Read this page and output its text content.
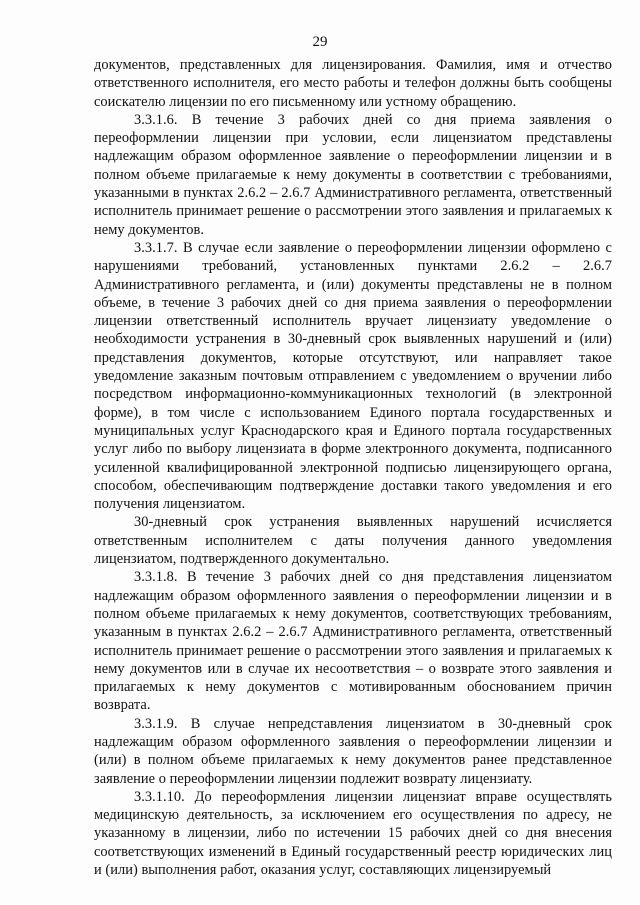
29

документов, представленных для лицензирования. Фамилия, имя и отчество ответственного исполнителя, его место работы и телефон должны быть сообщены соискателю лицензии по его письменному или устному обращению.

3.3.1.6. В течение 3 рабочих дней со дня приема заявления о переоформлении лицензии при условии, если лицензиатом представлены надлежащим образом оформленное заявление о переоформлении лицензии и в полном объеме прилагаемые к нему документы в соответствии с требованиями, указанными в пунктах 2.6.2 – 2.6.7 Административного регламента, ответственный исполнитель принимает решение о рассмотрении этого заявления и прилагаемых к нему документов.

3.3.1.7. В случае если заявление о переоформлении лицензии оформлено с нарушениями требований, установленных пунктами 2.6.2 – 2.6.7 Административного регламента, и (или) документы представлены не в полном объеме, в течение 3 рабочих дней со дня приема заявления о переоформлении лицензии ответственный исполнитель вручает лицензиату уведомление о необходимости устранения в 30-дневный срок выявленных нарушений и (или) представления документов, которые отсутствуют, или направляет такое уведомление заказным почтовым отправлением с уведомлением о вручении либо посредством информационно-коммуникационных технологий (в электронной форме), в том числе с использованием Единого портала государственных и муниципальных услуг Краснодарского края и Единого портала государственных услуг либо по выбору лицензиата в форме электронного документа, подписанного усиленной квалифицированной электронной подписью лицензирующего органа, способом, обеспечивающим подтверждение доставки такого уведомления и его получения лицензиатом.

30-дневный срок устранения выявленных нарушений исчисляется ответственным исполнителем с даты получения данного уведомления лицензиатом, подтвержденного документально.

3.3.1.8. В течение 3 рабочих дней со дня представления лицензиатом надлежащим образом оформленного заявления о переоформлении лицензии и в полном объеме прилагаемых к нему документов, соответствующих требованиям, указанным в пунктах 2.6.2 – 2.6.7 Административного регламента, ответственный исполнитель принимает решение о рассмотрении этого заявления и прилагаемых к нему документов или в случае их несоответствия – о возврате этого заявления и прилагаемых к нему документов с мотивированным обоснованием причин возврата.

3.3.1.9. В случае непредставления лицензиатом в 30-дневный срок надлежащим образом оформленного заявления о переоформлении лицензии и (или) в полном объеме прилагаемых к нему документов ранее представленное заявление о переоформлении лицензии подлежит возврату лицензиату.

3.3.1.10. До переоформления лицензии лицензиат вправе осуществлять медицинскую деятельность, за исключением его осуществления по адресу, не указанному в лицензии, либо по истечении 15 рабочих дней со дня внесения соответствующих изменений в Единый государственный реестр юридических лиц и (или) выполнения работ, оказания услуг, составляющих лицензируемый
